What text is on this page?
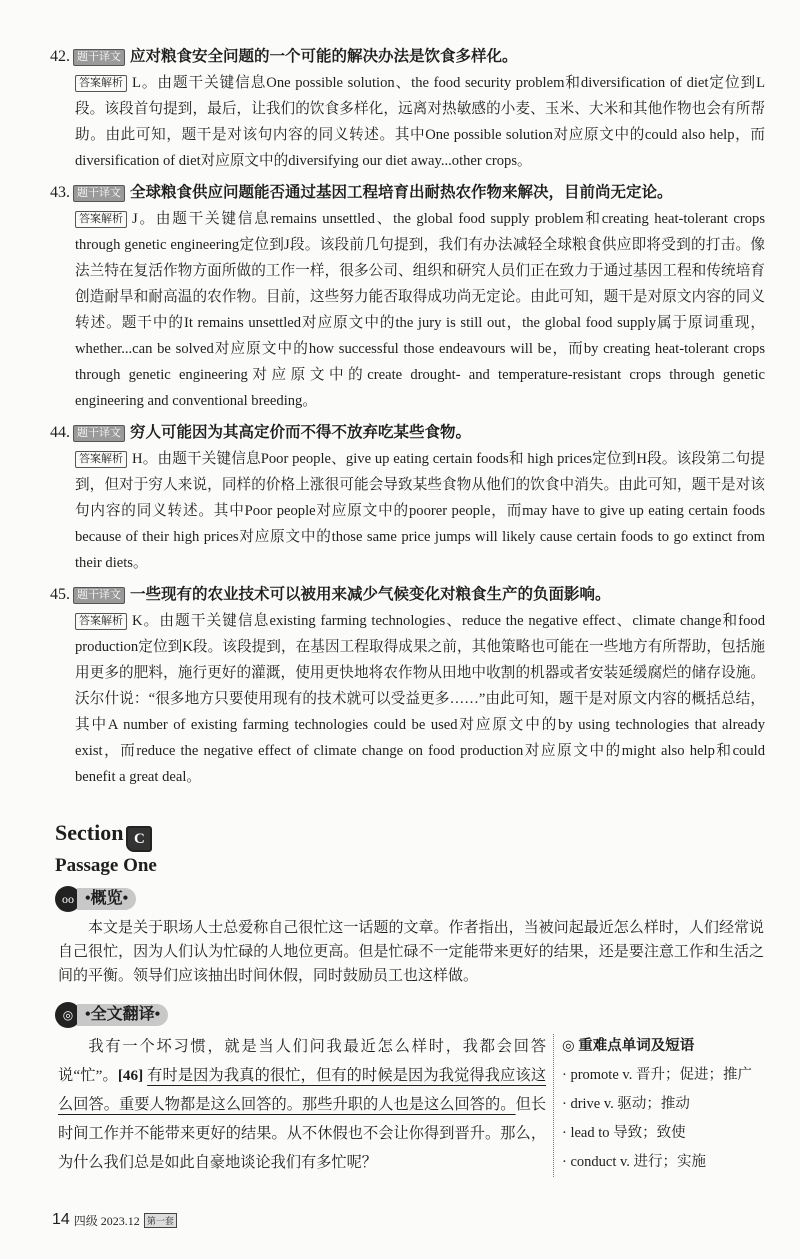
42. 题干译文 应对粮食安全问题的一个可能的解决办法是饮食多样化。
答案解析 L。由题干关键信息One possible solution、the food security problem和diversification of diet定位到L段。该段首句提到，最后，让我们的饮食多样化，远离对热敏感的小麦、玉米、大米和其他作物也会有所帮助。由此可知，题干是对该句内容的同义转述。其中One possible solution对应原文中的could also help，而diversification of diet对应原文中的diversifying our diet away...other crops。
43. 题干译文 全球粮食供应问题能否通过基因工程培育出耐热农作物来解决，目前尚无定论。
答案解析 J。由题干关键信息remains unsettled、the global food supply problem和creating heat-tolerant crops through genetic engineering定位到J段。该段前几句提到，我们有办法减轻全球粮食供应即将受到的打击。像法兰特在复活作物方面所做的工作一样，很多公司、组织和研究人员们正在致力于通过基因工程和传统培育创造耐旱和耐高温的农作物。目前，这些努力能否取得成功尚无定论。由此可知，题干是对原文内容的同义转述。题干中的It remains unsettled对应原文中的the jury is still out，the global food supply属于原词重现，whether...can be solved对应原文中的how successful those endeavours will be，而by creating heat-tolerant crops through genetic engineering对应原文中的create drought- and temperature-resistant crops through genetic engineering and conventional breeding。
44. 题干译文 穷人可能因为其高定价而不得不放弃吃某些食物。
答案解析 H。由题干关键信息Poor people、give up eating certain foods和 high prices定位到H段。该段第二句提到，但对于穷人来说，同样的价格上涨很可能会导致某些食物从他们的饮食中消失。由此可知，题干是对该句内容的同义转述。其中Poor people对应原文中的poorer people，而may have to give up eating certain foods because of their high prices对应原文中的those same price jumps will likely cause certain foods to go extinct from their diets。
45. 题干译文 一些现有的农业技术可以被用来减少气候变化对粮食生产的负面影响。
答案解析 K。由题干关键信息existing farming technologies、reduce the negative effect、climate change和food production定位到K段。该段提到，在基因工程取得成果之前，其他策略也可能在一些地方有所帮助，包括施用更多的肥料，施行更好的灌溉，使用更快地将农作物从田地中收割的机器或者安装延缓腐烂的储存设施。沃尔什说：“很多地方只要使用现有的技术就可以受益更多……”由此可知，题干是对原文内容的概括总结，其中A number of existing farming technologies could be used对应原文中的by using technologies that already exist，而reduce the negative effect of climate change on food production对应原文中的might also help和could benefit a great deal。
Section C
Passage One
oo •概览•
本文是关于职场人士总爱称自己很忙这一话题的文章。作者指出，当被问起最近怎么样时，人们经常说自己很忙，因为人们认为忙碌的人地位更高。但是忙碌不一定能带来更好的结果，还是要注意工作和生活之间的平衡。领导们应该抽出时间休假，同时鼓励员工也这样做。
◎ •全文翻译•
我有一个坏习惯，就是当人们问我最近怎么样时，我都会回答说“忙”。[46] 有时是因为我真的很忙，但有的时候是因为我觉得我应该这么回答。重要人物都是这么回答的。那些升职的人也是这么回答的。但长时间工作并不能带来更好的结果。从不休假也不会让你得到晋升。那么，为什么我们总是如此自豪地谈论我们有多忙呢？
◎ 重难点单词及短语
· promote v. 晋升；促进；推广
· drive v. 驱动；推动
· lead to 导致；致使
· conduct v. 进行；实施
14 四级 2023.12 第一套
